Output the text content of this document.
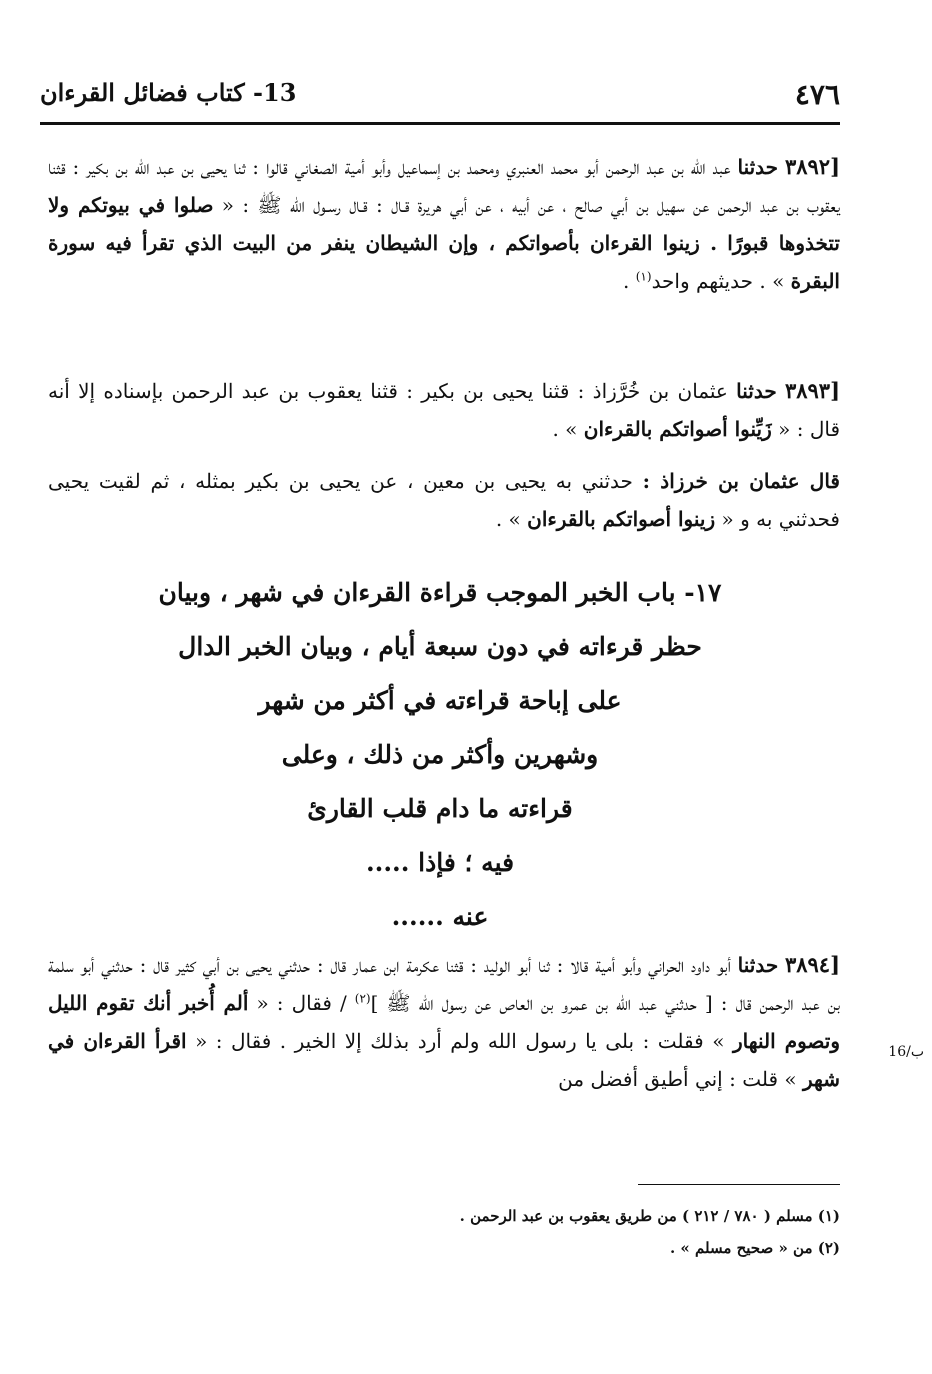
٤٧٦
13- كتاب فضائل القرءان
[٣٨٩٢ حدثنا عبد الله بن عبد الرحمن أبو محمد العنبري ومحمد بن إسماعيل وأبو أمية الصغاني قالوا : ثنا يحيى بن عبد الله بن بكير : قثنا يعقوب بن عبد الرحمن عن سهيل بن أبي صالح ، عن أبيه ، عن أبي هريرة قـال : قـال رسـول الله ﷺ : « صلوا في بيوتكم ولا تتخذوها قبورًا . زينوا القرءان بأصواتكم ، وإن الشيطان ينفر من البيت الذي تقرأ فيه سورة البقرة » . حديثهم واحد$^{(١)}$ .
[٣٨٩٣ حدثنا عثمان بن خُرَّزاذ : قثنا يحيى بن بكير : قثنا يعقوب بن عبد الرحمن بإسناده إلا أنه قال : « زَيِّنوا أصواتكم بالقرءان » .
قال عثمان بن خرزاذ : حدثني به يحيى بن معين ، عن يحيى بن بكير بمثله ، ثم لقيت يحيى فحدثني به و « زينوا أصواتكم بالقرءان » .
١٧- باب الخبر الموجب قراءة القرءان في شهر ، وبيان
حظر قرءاته في دون سبعة أيام ، وبيان الخبر الدال
على إباحة قراءته في أكثر من شهر
وشهرين وأكثر من ذلك ، وعلى
قراءته ما دام قلب القارئ
فيه ؛ فإذا .....
عنه ......
[٣٨٩٤ حدثنا أبو داود الحراني وأبو أمية قالا : ثنا أبو الوليد : قثنا عكرمة ابن عمار قال : حدثني يحيى بن أبي كثير قال : حدثني أبو سلمة بن عبد الرحمن قال : [ حدثني عبد الله بن عمرو بن العاص عن رسول الله ﷺ ]$^{(٢)}$ / فقال : « ألم أُخبر أنك تقوم الليل وتصوم النهار » فقلت : بلى يا رسول الله ولم أرد بذلك إلا الخير . فقال : « اقرأ القرءان في شهر » قلت : إني أطيق أفضل من
16/ب
(١) مسلم ( ٧٨٠ / ٢١٢ ) من طريق يعقوب بن عبد الرحمن .
(٢) من « صحيح مسلم » .
